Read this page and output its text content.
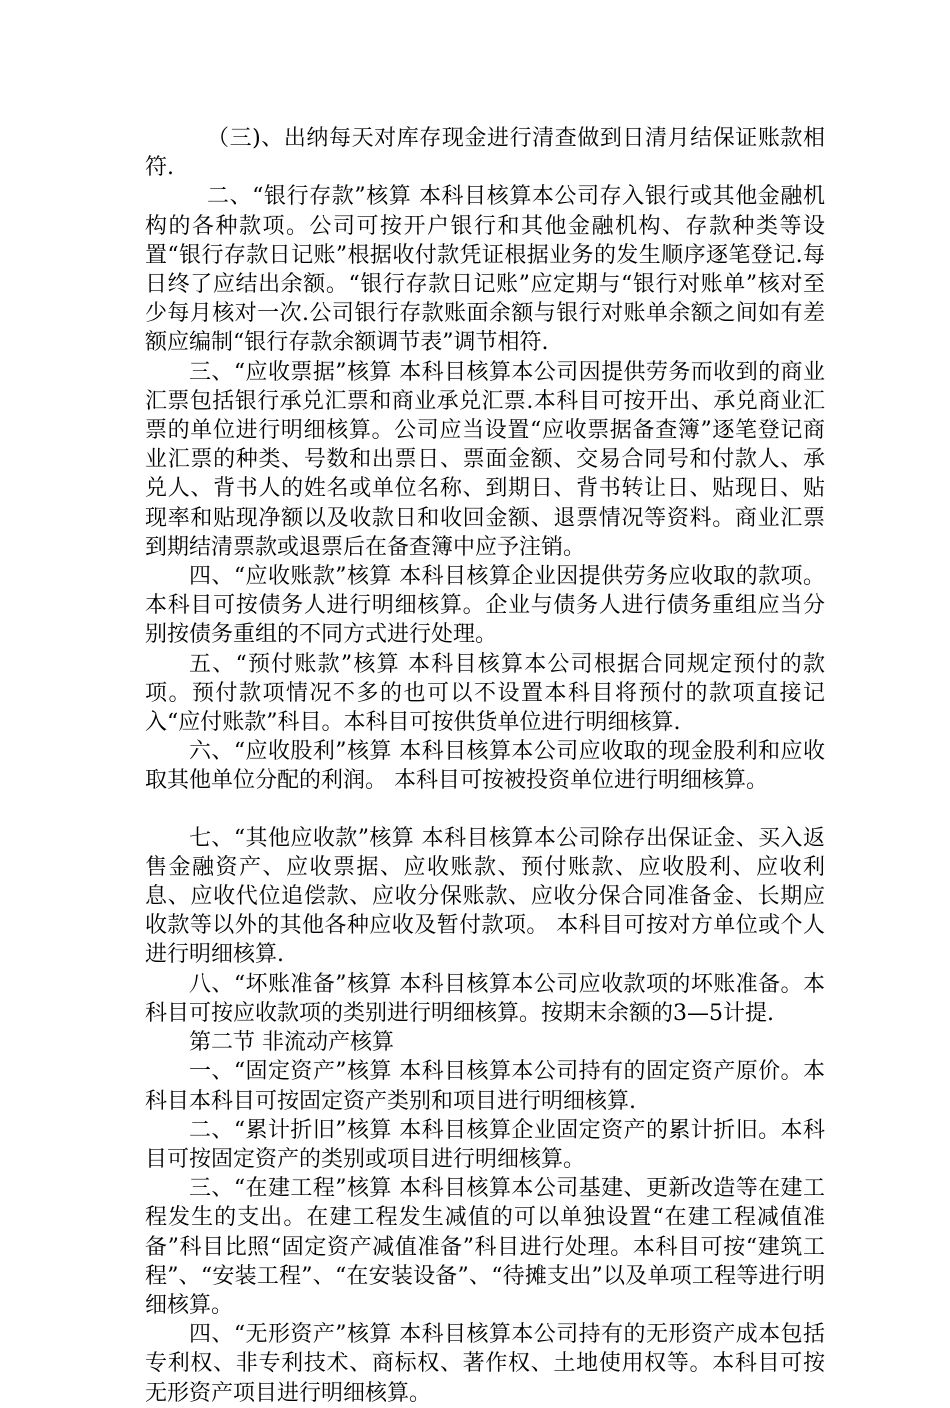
（三)、出纳每天对库存现金进行清查做到日清月结保证账款相符.

二、“银行存款”核算 本科目核算本公司存入银行或其他金融机构的各种款项。公司可按开户银行和其他金融机构、存款种类等设置“银行存款日记账”根据收付款凭证根据业务的发生顺序逐笔登记.每日终了应结出余额。“银行存款日记账”应定期与“银行对账单”核对至少每月核对一次.公司银行存款账面余额与银行对账单余额之间如有差额应编制“银行存款余额调节表”调节相符.

三、“应收票据”核算 本科目核算本公司因提供劳务而收到的商业汇票包括银行承兑汇票和商业承兑汇票.本科目可按开出、承兑商业汇票的单位进行明细核算。公司应当设置“应收票据备查簿”逐笔登记商业汇票的种类、号数和出票日、票面金额、交易合同号和付款人、承兑人、背书人的姓名或单位名称、到期日、背书转让日、贴现日、贴现率和贴现净额以及收款日和收回金额、退票情况等资料。商业汇票到期结清票款或退票后在备查簿中应予注销。

四、“应收账款”核算 本科目核算企业因提供劳务应收取的款项。本科目可按债务人进行明细核算。企业与债务人进行债务重组应当分别按债务重组的不同方式进行处理。

五、“预付账款”核算 本科目核算本公司根据合同规定预付的款项。预付款项情况不多的也可以不设置本科目将预付的款项直接记入“应付账款”科目。本科目可按供货单位进行明细核算.

六、“应收股利”核算 本科目核算本公司应收取的现金股利和应收取其他单位分配的利润。 本科目可按被投资单位进行明细核算。

七、“其他应收款”核算 本科目核算本公司除存出保证金、买入返售金融资产、应收票据、应收账款、预付账款、应收股利、应收利息、应收代位追偿款、应收分保账款、应收分保合同准备金、长期应收款等以外的其他各种应收及暂付款项。 本科目可按对方单位或个人进行明细核算.

八、“坏账准备”核算 本科目核算本公司应收款项的坏账准备。本科目可按应收款项的类别进行明细核算。按期末余额的3—5计提.

第二节 非流动产核算

一、“固定资产”核算 本科目核算本公司持有的固定资产原价。本科目本科目可按固定资产类别和项目进行明细核算.

二、“累计折旧”核算 本科目核算企业固定资产的累计折旧。本科目可按固定资产的类别或项目进行明细核算。

三、“在建工程”核算 本科目核算本公司基建、更新改造等在建工程发生的支出。在建工程发生减值的可以单独设置“在建工程减值准备”科目比照“固定资产减值准备”科目进行处理。本科目可按“建筑工程”、“安装工程”、“在安装设备”、“待摊支出”以及单项工程等进行明细核算。

四、“无形资产”核算 本科目核算本公司持有的无形资产成本包括专利权、非专利技术、商标权、著作权、土地使用权等。本科目可按无形资产项目进行明细核算。
